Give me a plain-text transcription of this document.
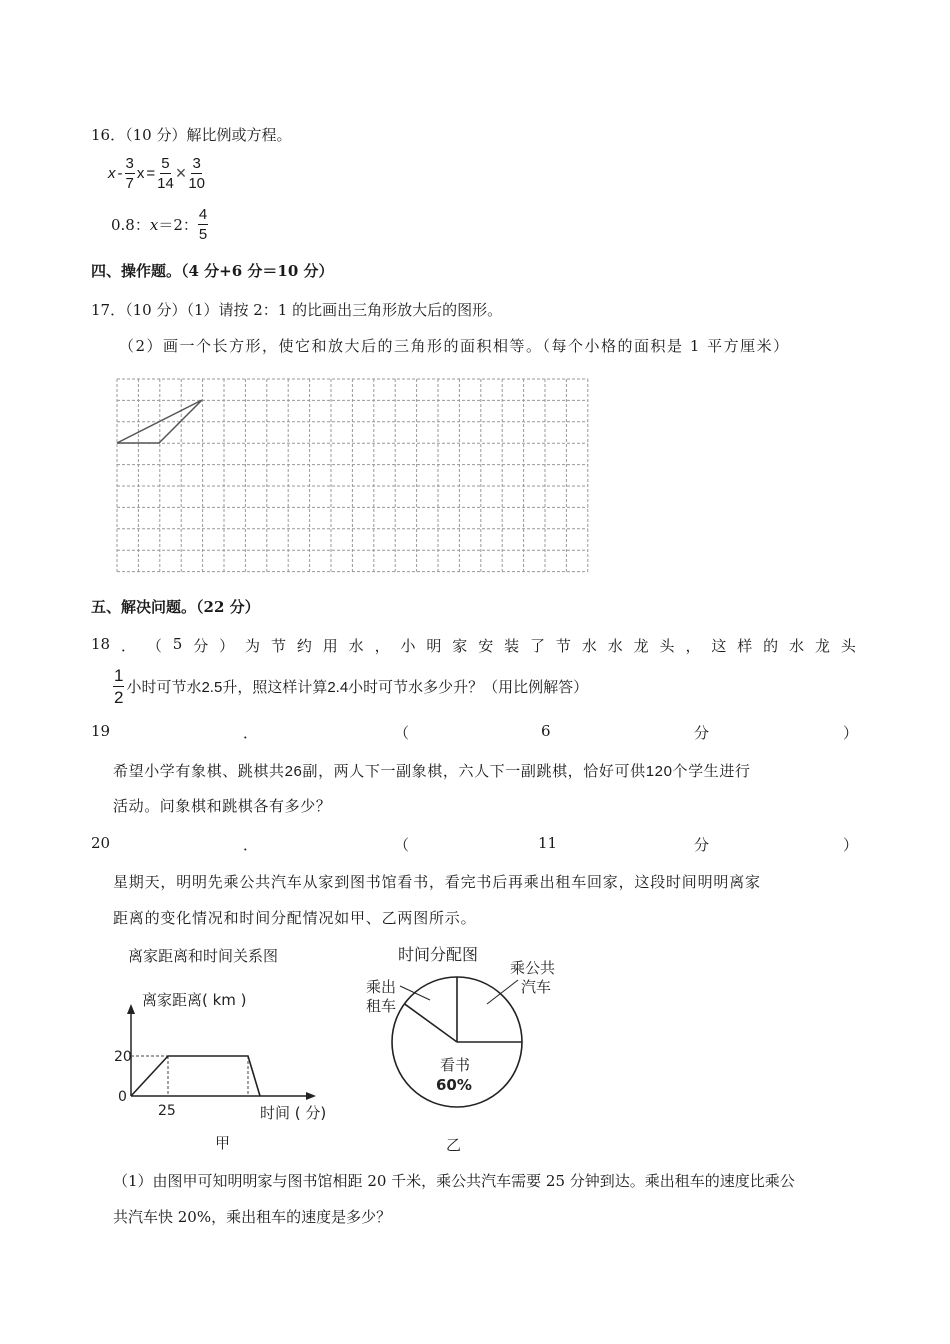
16．（10 分）解比例或方程。
x - $\frac{3}{7}$ $x = \frac{5}{14} \times \frac{3}{10}$
0.8： x ＝2： $\frac{4}{5}$
四、操作题。（4 分+6 分＝10 分）
17．（10 分）（1）请按 2：1 的比画出三角形放大后的图形。
（2）画一个长方形，使它和放大后的三角形的面积相等。（每个小格的面积是 1 平方厘米）
五、解决问题。（22 分）
18 ． （ 5 分 ） 为 节 约 用 水 ， 小 明 家 安 装 了 节 水 水 龙 头 ， 这 样 的 水 龙 头
$\frac{1}{2}$ 小时可节水2.5升，照这样计算2.4小时可节水多少升？（用比例解答）
19	．	（	6	分	）
希望小学有象棋、跳棋共26副，两人下一副象棋，六人下一副跳棋，恰好可供120个学生进行
活动。问象棋和跳棋各有多少？
20	．	（	11	分	）
星期天，明明先乘公共汽车从家到图书馆看书，看完书后再乘出租车回家，这段时间明明离家
距离的变化情况和时间分配情况如甲、乙两图所示。
离家距离和时间关系图
离家距离( km )
20
0
25	时间 ( 分)
甲
时间分配图
乘公共
汽车
乘出
租车
看书
60%
乙
（1）由图甲可知明明家与图书馆相距 20 千米，乘公共汽车需要 25 分钟到达。乘出租车的速度比乘公
共汽车快 20%，乘出租车的速度是多少？
